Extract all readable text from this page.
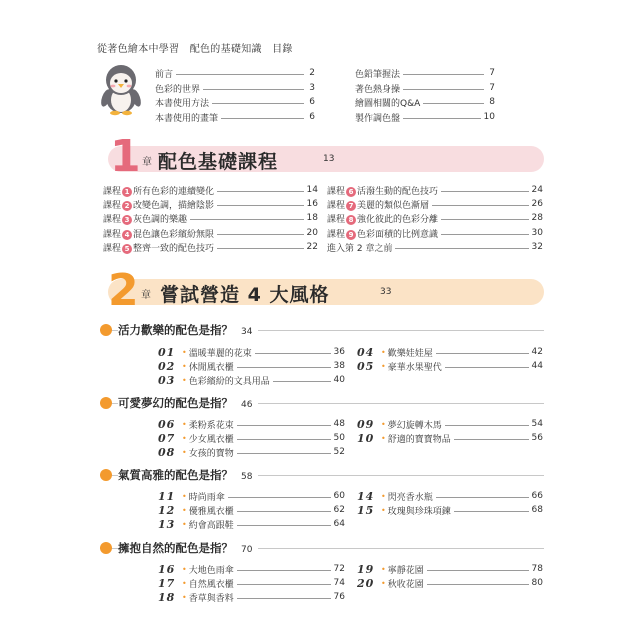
從著色繪本中學習　配色的基礎知識　目錄
前言	2
色彩的世界	3
本書使用方法	6
本書使用的畫筆	6
色鉛筆握法	7
著色熱身操	7
繪圖相關的Q&A	8
製作調色盤	10
1 章 配色基礎課程	13
課程 1 所有色彩的連續變化	14
課程 2 改變色調，描繪陰影	16
課程 3 灰色調的樂趣	18
課程 4 混色讓色彩繽紛無限	20
課程 5 整齊一致的配色技巧	22
課程 6 活潑生動的配色技巧	24
課程 7 美麗的類似色漸層	26
課程 8 強化彼此的色彩分離	28
課程 9 色彩面積的比例意識	30
進入第 2 章之前	32
2 章 嘗試營造 4 大風格	33
活力歡樂的配色是指？ 34
01 • 溫暖華麗的花束	36
02 • 休閒風衣櫃	38
03 • 色彩繽紛的文具用品	40
04 • 歡樂娃娃屋	42
05 • 豪華水果聖代	44
可愛夢幻的配色是指？ 46
06 • 柔粉系花束	48
07 • 少女風衣櫃	50
08 • 女孩的寶物	52
09 • 夢幻旋轉木馬	54
10 • 舒適的寶寶物品	56
氣質高雅的配色是指？ 58
11 • 時尚雨傘	60
12 • 優雅風衣櫃	62
13 • 約會高跟鞋	64
14 • 閃亮香水瓶	66
15 • 玫瑰與珍珠項鍊	68
擁抱自然的配色是指？ 70
16 • 大地色雨傘	72
17 • 自然風衣櫃	74
18 • 香草與香料	76
19 • 寧靜花園	78
20 • 秋收花園	80
